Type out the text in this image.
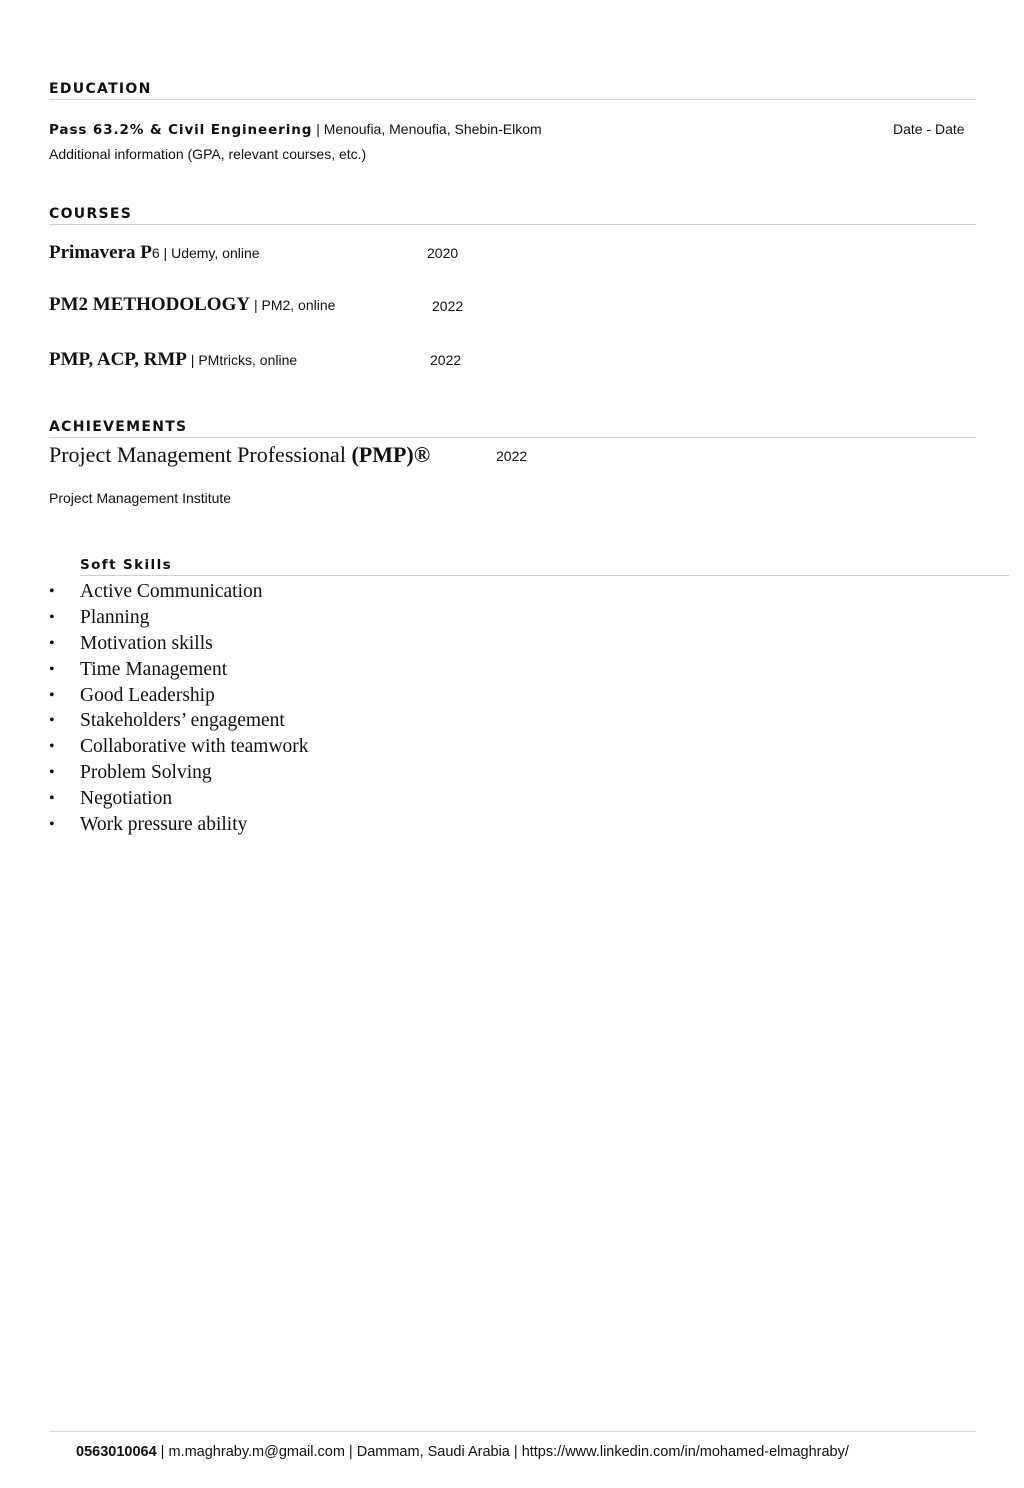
EDUCATION
Pass 63.2% & Civil Engineering | Menoufia, Menoufia, Shebin-Elkom	Date - Date
Additional information (GPA, relevant courses, etc.)
COURSES
Primavera P6 | Udemy, online	2020
PM2 METHODOLOGY | PM2, online	2022
PMP, ACP, RMP | PMtricks, online	2022
ACHIEVEMENTS
Project Management Professional (PMP)®	2022
Project Management Institute
Soft Skills
• Active Communication
• Planning
• Motivation skills
• Time Management
• Good Leadership
• Stakeholders’ engagement
• Collaborative with teamwork
• Problem Solving
• Negotiation
• Work pressure ability
0563010064 | m.maghraby.m@gmail.com | Dammam, Saudi Arabia | https://www.linkedin.com/in/mohamed-elmaghraby/
